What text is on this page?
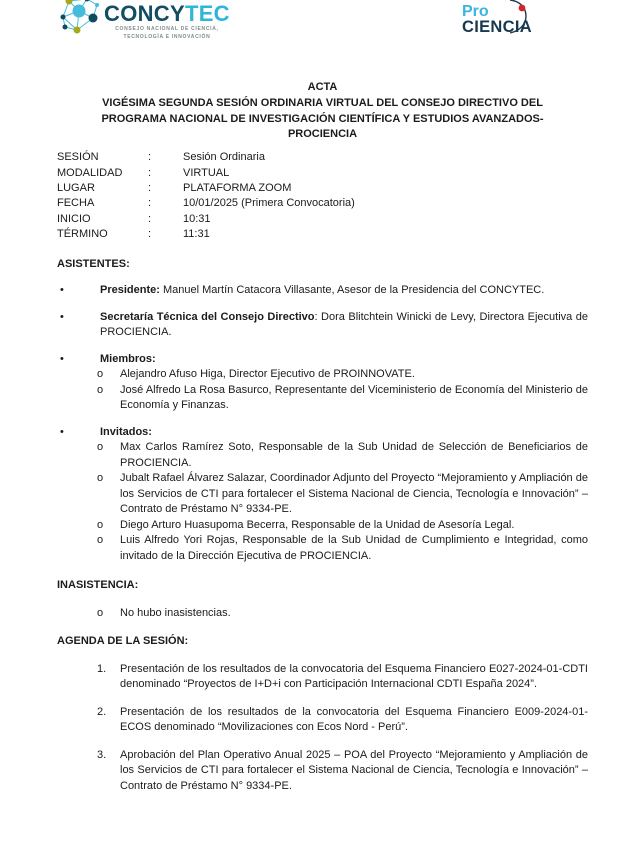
CONCYTEC
CONSEJO NACIONAL DE CIENCIA,
TECNOLOGÍA E INNOVACIÓN
Pro
CIENCIA
ACTA
VIGÉSIMA SEGUNDA SESIÓN ORDINARIA VIRTUAL DEL CONSEJO DIRECTIVO DEL
PROGRAMA NACIONAL DE INVESTIGACIÓN CIENTÍFICA Y ESTUDIOS AVANZADOS-
PROCIENCIA
SESIÓN	:	Sesión Ordinaria
MODALIDAD	:	VIRTUAL
LUGAR	:	PLATAFORMA ZOOM
FECHA	:	10/01/2025 (Primera Convocatoria)
INICIO	:	10:31
TÉRMINO	:	11:31
ASISTENTES:
•	Presidente: Manuel Martín Catacora Villasante, Asesor de la Presidencia del CONCYTEC.
•	Secretaría Técnica del Consejo Directivo: Dora Blitchtein Winicki de Levy, Directora Ejecutiva de PROCIENCIA.
•	Miembros:
o	Alejandro Afuso Higa, Director Ejecutivo de PROINNOVATE.
o	José Alfredo La Rosa Basurco, Representante del Viceministerio de Economía del Ministerio de Economía y Finanzas.
•	Invitados:
o	Max Carlos Ramírez Soto, Responsable de la Sub Unidad de Selección de Beneficiarios de PROCIENCIA.
o	Jubalt Rafael Álvarez Salazar, Coordinador Adjunto del Proyecto “Mejoramiento y Ampliación de los Servicios de CTI para fortalecer el Sistema Nacional de Ciencia, Tecnología e Innovación” – Contrato de Préstamo N° 9334-PE.
o	Diego Arturo Huasupoma Becerra, Responsable de la Unidad de Asesoría Legal.
o	Luis Alfredo Yori Rojas, Responsable de la Sub Unidad de Cumplimiento e Integridad, como invitado de la Dirección Ejecutiva de PROCIENCIA.
INASISTENCIA:
o	No hubo inasistencias.
AGENDA DE LA SESIÓN:
1.	Presentación de los resultados de la convocatoria del Esquema Financiero E027-2024-01-CDTI denominado “Proyectos de I+D+i con Participación Internacional CDTI España 2024”.
2.	Presentación de los resultados de la convocatoria del Esquema Financiero E009-2024-01-ECOS denominado “Movilizaciones con Ecos Nord - Perú”.
3.	Aprobación del Plan Operativo Anual 2025 – POA del Proyecto “Mejoramiento y Ampliación de los Servicios de CTI para fortalecer el Sistema Nacional de Ciencia, Tecnología e Innovación” – Contrato de Préstamo N° 9334-PE.
